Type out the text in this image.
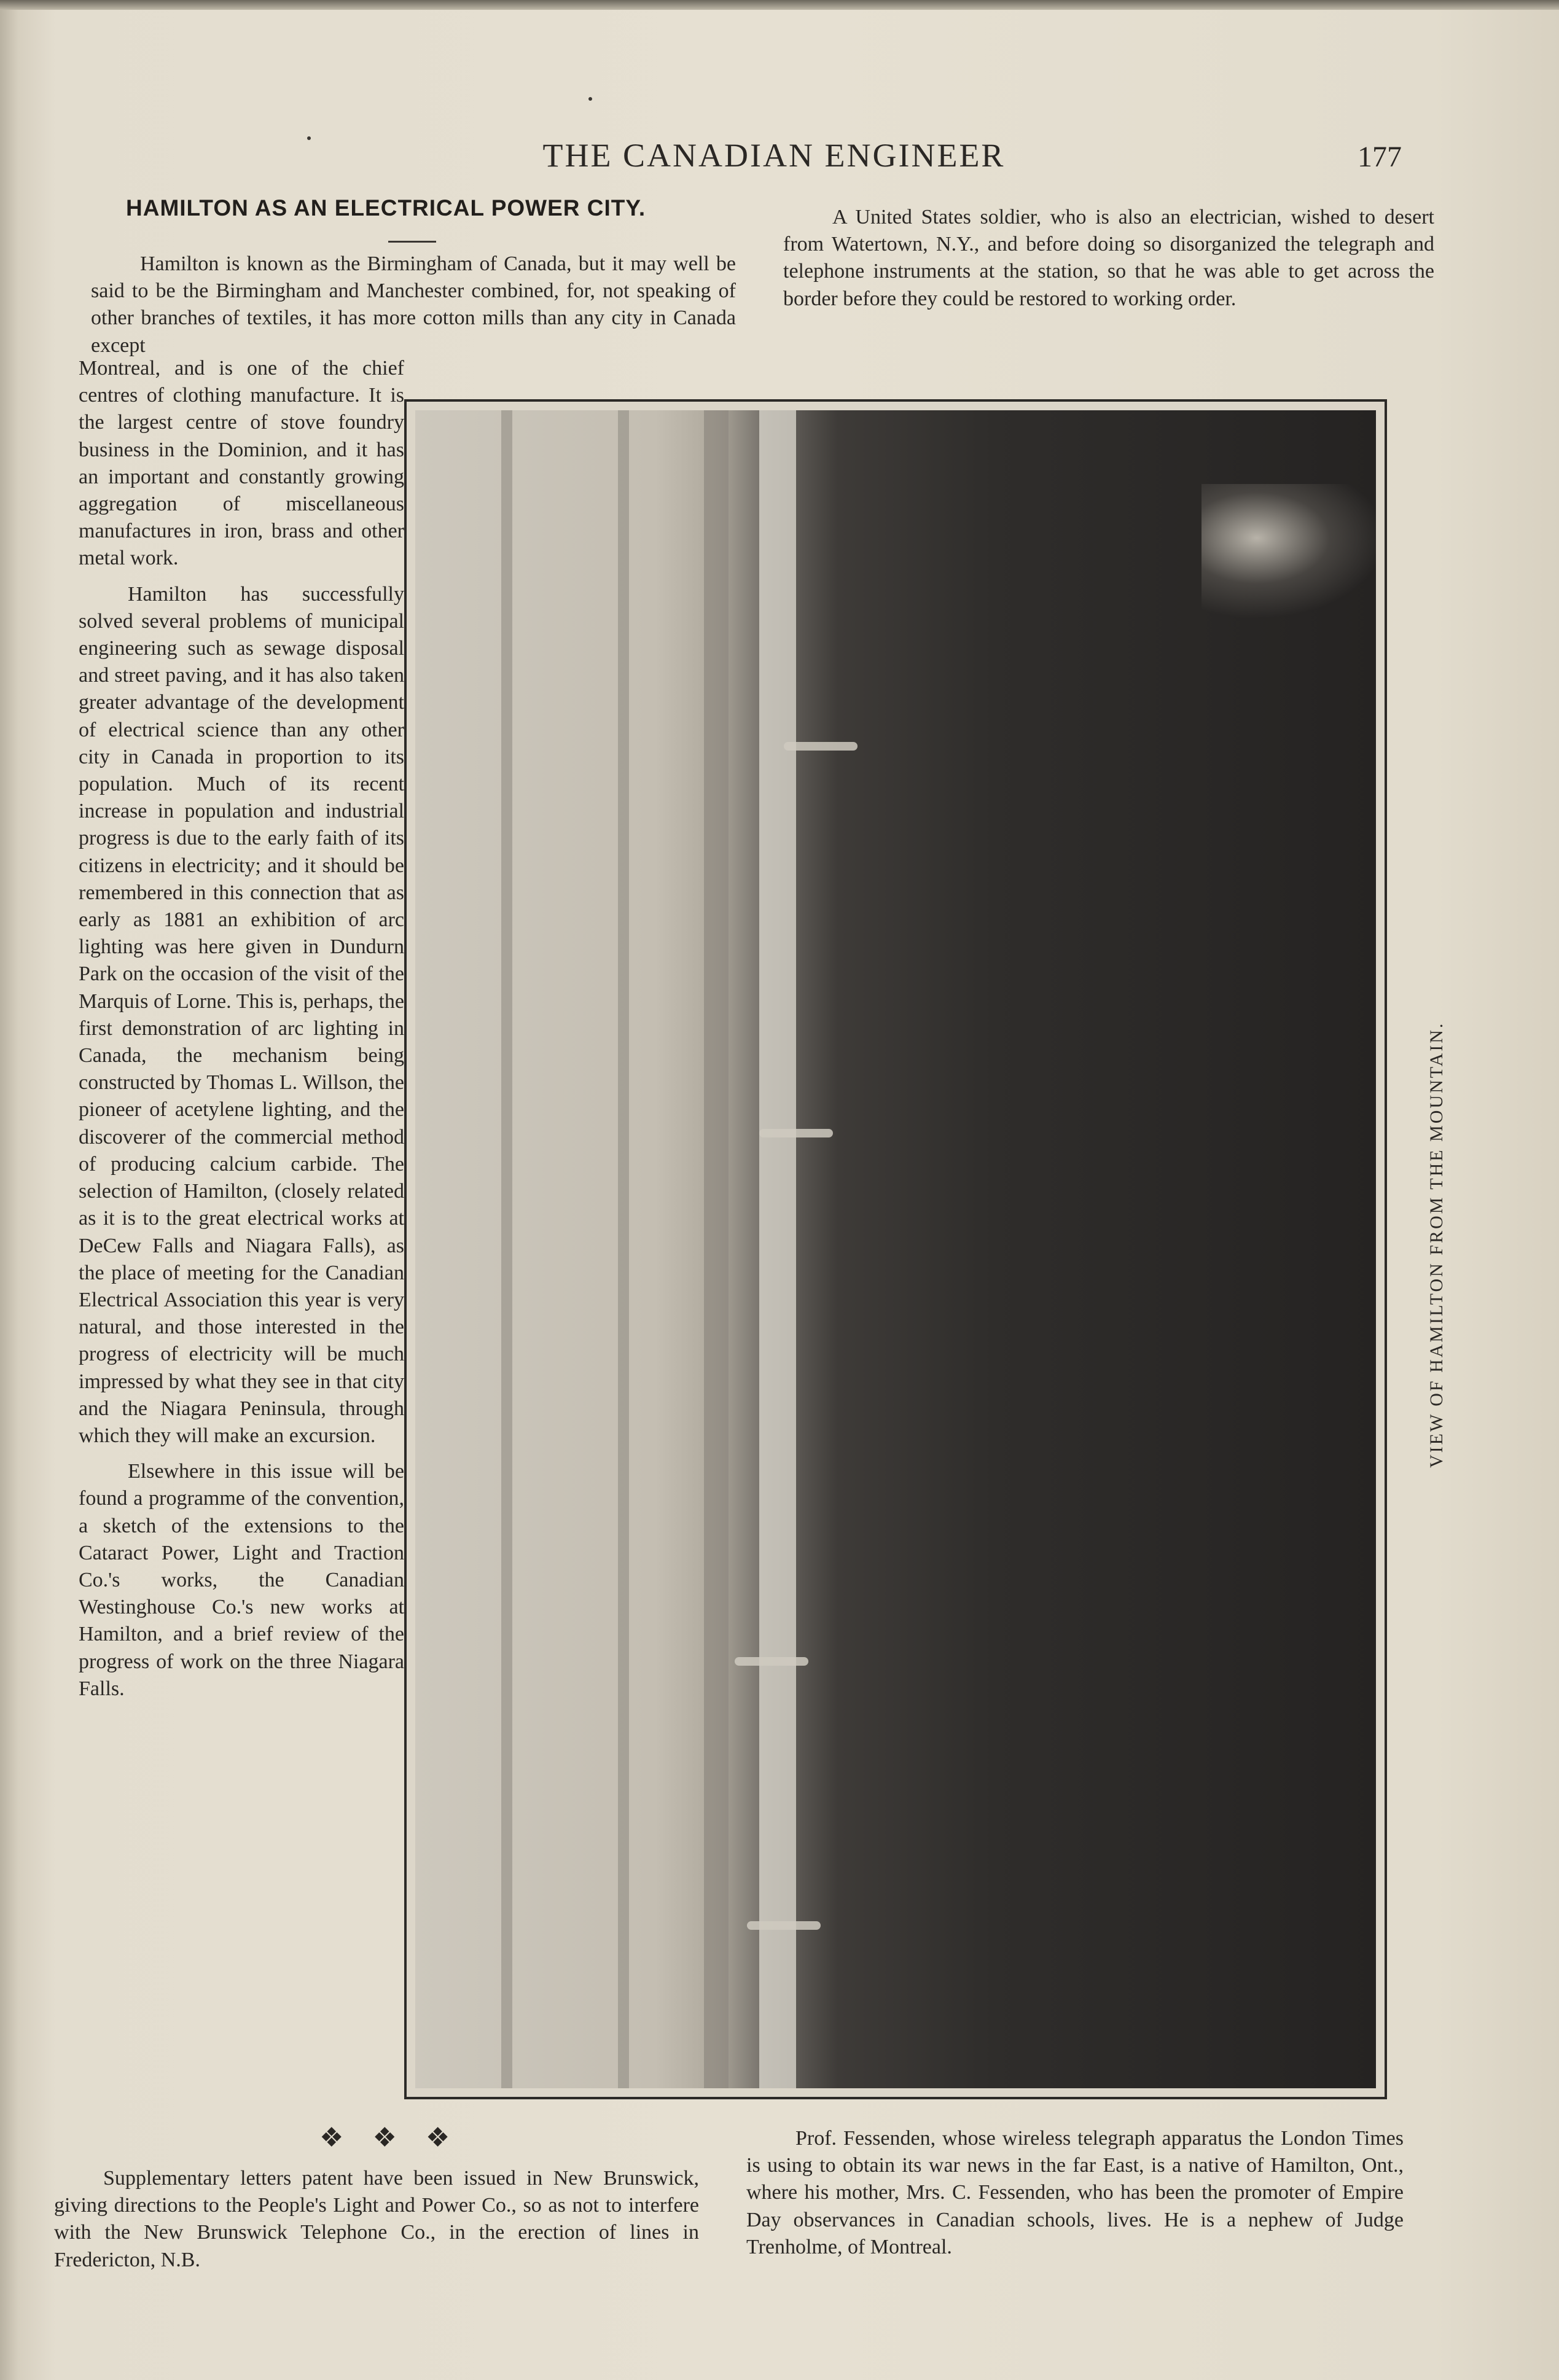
THE CANADIAN ENGINEER	177
HAMILTON AS AN ELECTRICAL POWER CITY.

Hamilton is known as the Birmingham of Canada, but it may well be said to be the Birmingham and Manchester combined, for, not speaking of other branches of textiles, it has more cotton mills than any city in Canada except

Montreal, and is one of the chief centres of clothing manufacture. It is the largest centre of stove foundry business in the Dominion, and it has an important and constantly growing aggregation of miscellaneous manufactures in iron, brass and other metal work.

Hamilton has successfully solved several problems of municipal engineering such as sewage disposal and street paving, and it has also taken greater advantage of the development of electrical science than any other city in Canada in proportion to its population. Much of its recent increase in population and industrial progress is due to the early faith of its citizens in electricity; and it should be remembered in this connection that as early as 1881 an exhibition of arc lighting was here given in Dundurn Park on the occasion of the visit of the Marquis of Lorne. This is, perhaps, the first demonstration of arc lighting in Canada, the mechanism being constructed by Thomas L. Willson, the pioneer of acetylene lighting, and the discoverer of the commercial method of producing calcium carbide. The selection of Hamilton, (closely related as it is to the great electrical works at DeCew Falls and Niagara Falls), as the place of meeting for the Canadian Electrical Association this year is very natural, and those interested in the progress of electricity will be much impressed by what they see in that city and the Niagara Peninsula, through which they will make an excursion.

Elsewhere in this issue will be found a programme of the convention, a sketch of the extensions to the Cataract Power, Light and Traction Co.'s works, the Canadian Westinghouse Co.'s new works at Hamilton, and a brief review of the progress of work on the three Niagara Falls.

A United States soldier, who is also an electrician, wished to desert from Watertown, N.Y., and before doing so disorganized the telegraph and telephone instruments at the station, so that he was able to get across the border before they could be restored to working order.

VIEW OF HAMILTON FROM THE MOUNTAIN.
❖ ❖ ❖

Supplementary letters patent have been issued in New Brunswick, giving directions to the People's Light and Power Co., so as not to interfere with the New Brunswick Telephone Co., in the erection of lines in Fredericton, N.B.

Prof. Fessenden, whose wireless telegraph apparatus the London Times is using to obtain its war news in the far East, is a native of Hamilton, Ont., where his mother, Mrs. C. Fessenden, who has been the promoter of Empire Day observances in Canadian schools, lives. He is a nephew of Judge Trenholme, of Montreal.
